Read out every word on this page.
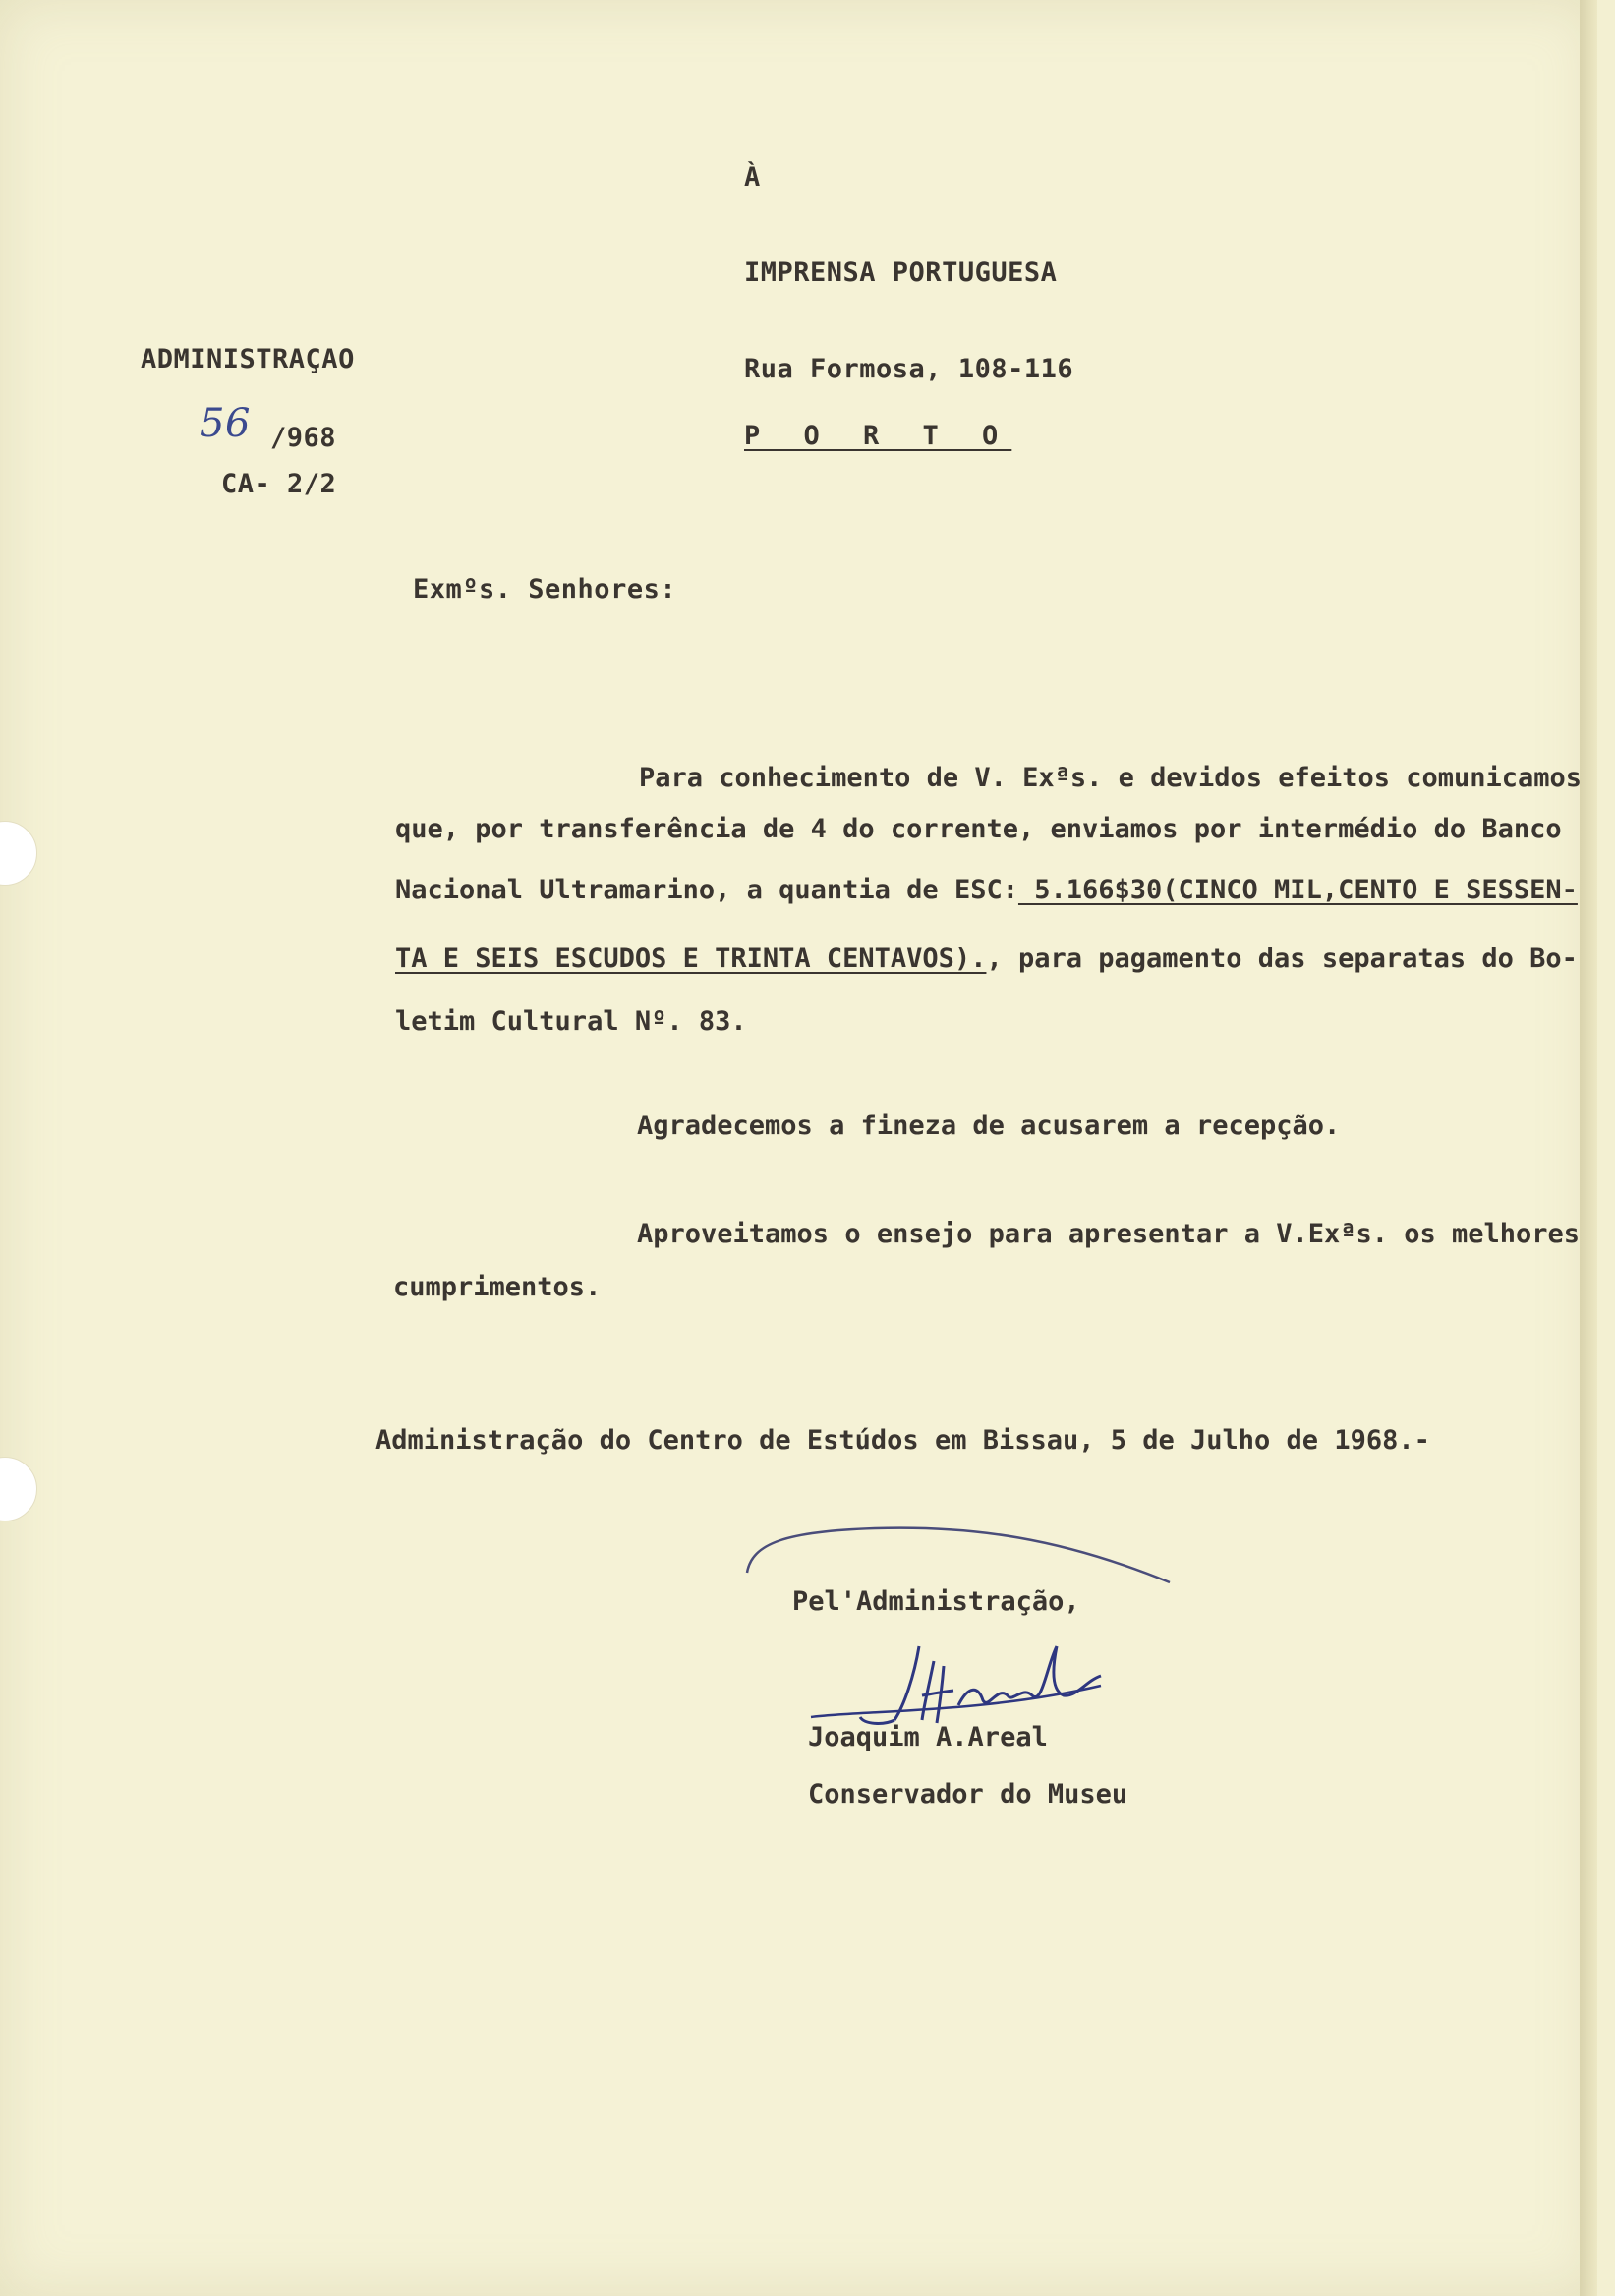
À
IMPRENSA PORTUGUESA
Rua Formosa, 108-116
P O R T O
ADMINISTRAÇAO
56 /968
CA- 2/2
Exmºs. Senhores:
Para conhecimento de V. Exªs. e devidos efeitos comunicamos
que, por transferência de 4 do corrente, enviamos por intermédio do Banco
Nacional Ultramarino, a quantia de ESC: 5.166$30(CINCO MIL,CENTO E SESSEN-
TA E SEIS ESCUDOS E TRINTA CENTAVOS)., para pagamento das separatas do Bo-
letim Cultural Nº. 83.
Agradecemos a fineza de acusarem a recepção.
Aproveitamos o ensejo para apresentar a V.Exªs. os melhores
cumprimentos.
Administração do Centro de Estúdos em Bissau, 5 de Julho de 1968.-
Pel'Administração,
Joaquim A.Areal
Conservador do Museu
